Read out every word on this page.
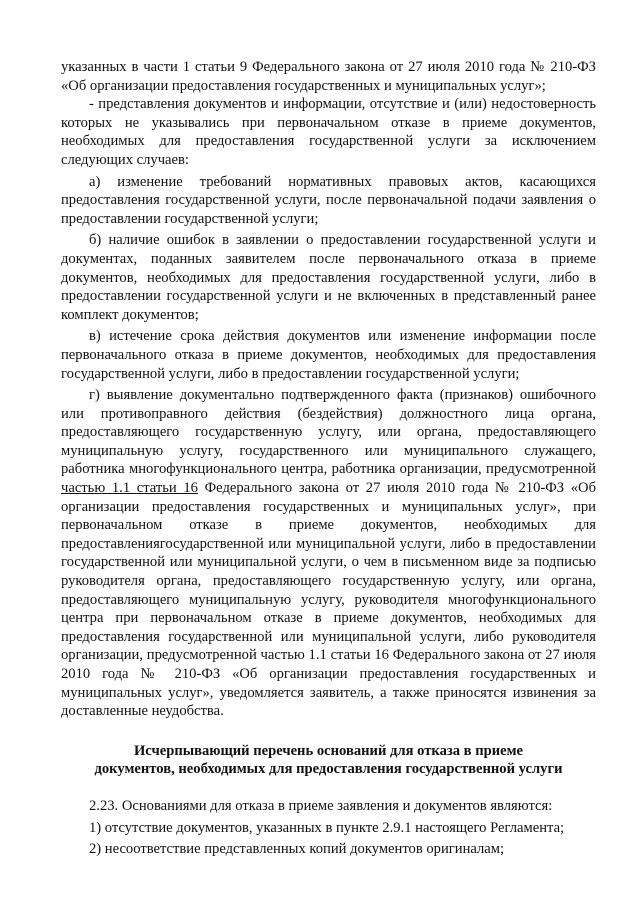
указанных в части 1 статьи 9 Федерального закона от 27 июля 2010 года № 210-ФЗ «Об организации предоставления государственных и муниципальных услуг»;

- представления документов и информации, отсутствие и (или) недостоверность которых не указывались при первоначальном отказе в приеме документов, необходимых для предоставления государственной услуги за исключением следующих случаев:

а) изменение требований нормативных правовых актов, касающихся предоставления государственной услуги, после первоначальной подачи заявления о предоставлении государственной услуги;

б) наличие ошибок в заявлении о предоставлении государственной услуги и документах, поданных заявителем после первоначального отказа в приеме документов, необходимых для предоставления государственной услуги, либо в предоставлении государственной услуги и не включенных в представленный ранее комплект документов;

в) истечение срока действия документов или изменение информации после первоначального отказа в приеме документов, необходимых для предоставления государственной услуги, либо в предоставлении государственной услуги;

г) выявление документально подтвержденного факта (признаков) ошибочного или противоправного действия (бездействия) должностного лица органа, предоставляющего государственную услугу, или органа, предоставляющего муниципальную услугу, государственного или муниципального служащего, работника многофункционального центра, работника организации, предусмотренной частью 1.1 статьи 16 Федерального закона от 27 июля 2010 года № 210-ФЗ «Об организации предоставления государственных и муниципальных услуг», при первоначальном отказе в приеме документов, необходимых для предоставлениягосударственной или муниципальной услуги, либо в предоставлении государственной или муниципальной услуги, о чем в письменном виде за подписью руководителя органа, предоставляющего государственную услугу, или органа, предоставляющего муниципальную услугу, руководителя многофункционального центра при первоначальном отказе в приеме документов, необходимых для предоставления государственной или муниципальной услуги, либо руководителя организации, предусмотренной частью 1.1 статьи 16 Федерального закона от 27 июля 2010 года № 210-ФЗ «Об организации предоставления государственных и муниципальных услуг», уведомляется заявитель, а также приносятся извинения за доставленные неудобства.

Исчерпывающий перечень оснований для отказа в приеме
документов, необходимых для предоставления государственной услуги

2.23. Основаниями для отказа в приеме заявления и документов являются:

1) отсутствие документов, указанных в пункте 2.9.1 настоящего Регламента;

2) несоответствие представленных копий документов оригиналам;
